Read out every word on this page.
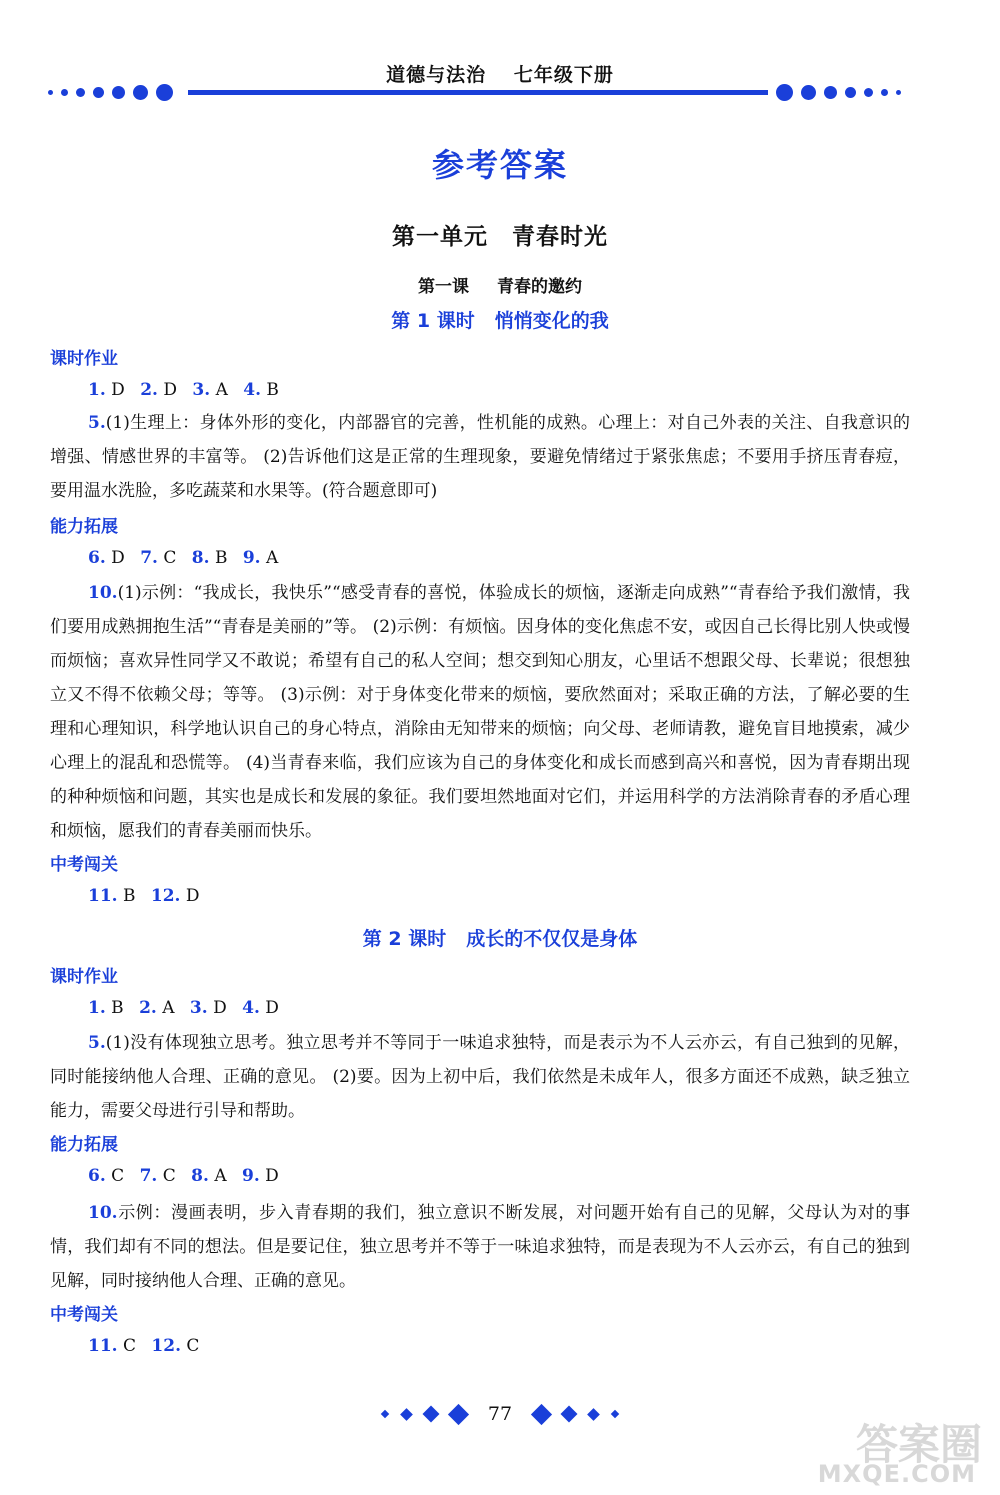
道德与法治 七年级下册
参考答案
第一单元 青春时光
第一课 青春的邀约
第 1 课时 悄悄变化的我
课时作业
1. D 2. D 3. A 4. B
5.(1)生理上：身体外形的变化，内部器官的完善，性机能的成熟。心理上：对自己外表的关注、自我意识的增强、情感世界的丰富等。 (2)告诉他们这是正常的生理现象，要避免情绪过于紧张焦虑；不要用手挤压青春痘，要用温水洗脸，多吃蔬菜和水果等。(符合题意即可)
能力拓展
6. D 7. C 8. B 9. A
10.(1)示例：“我成长，我快乐”“感受青春的喜悦，体验成长的烦恼，逐渐走向成熟”“青春给予我们激情，我们要用成熟拥抱生活”“青春是美丽的”等。 (2)示例：有烦恼。因身体的变化焦虑不安，或因自己长得比别人快或慢而烦恼；喜欢异性同学又不敢说；希望有自己的私人空间；想交到知心朋友，心里话不想跟父母、长辈说；很想独立又不得不依赖父母；等等。 (3)示例：对于身体变化带来的烦恼，要欣然面对；采取正确的方法，了解必要的生理和心理知识，科学地认识自己的身心特点，消除由无知带来的烦恼；向父母、老师请教，避免盲目地摸索，减少心理上的混乱和恐慌等。 (4)当青春来临，我们应该为自己的身体变化和成长而感到高兴和喜悦，因为青春期出现的种种烦恼和问题，其实也是成长和发展的象征。我们要坦然地面对它们，并运用科学的方法消除青春的矛盾心理和烦恼，愿我们的青春美丽而快乐。
中考闯关
11. B 12. D
第 2 课时 成长的不仅仅是身体
课时作业
1. B 2. A 3. D 4. D
5.(1)没有体现独立思考。独立思考并不等同于一味追求独特，而是表示为不人云亦云，有自己独到的见解，同时能接纳他人合理、正确的意见。 (2)要。因为上初中后，我们依然是未成年人，很多方面还不成熟，缺乏独立能力，需要父母进行引导和帮助。
能力拓展
6. C 7. C 8. A 9. D
10.示例：漫画表明，步入青春期的我们，独立意识不断发展，对问题开始有自己的见解，父母认为对的事情，我们却有不同的想法。但是要记住，独立思考并不等于一味追求独特，而是表现为不人云亦云，有自己的独到见解，同时接纳他人合理、正确的意见。
中考闯关
11. C 12. C
77
答案圈
MXQE.COM
